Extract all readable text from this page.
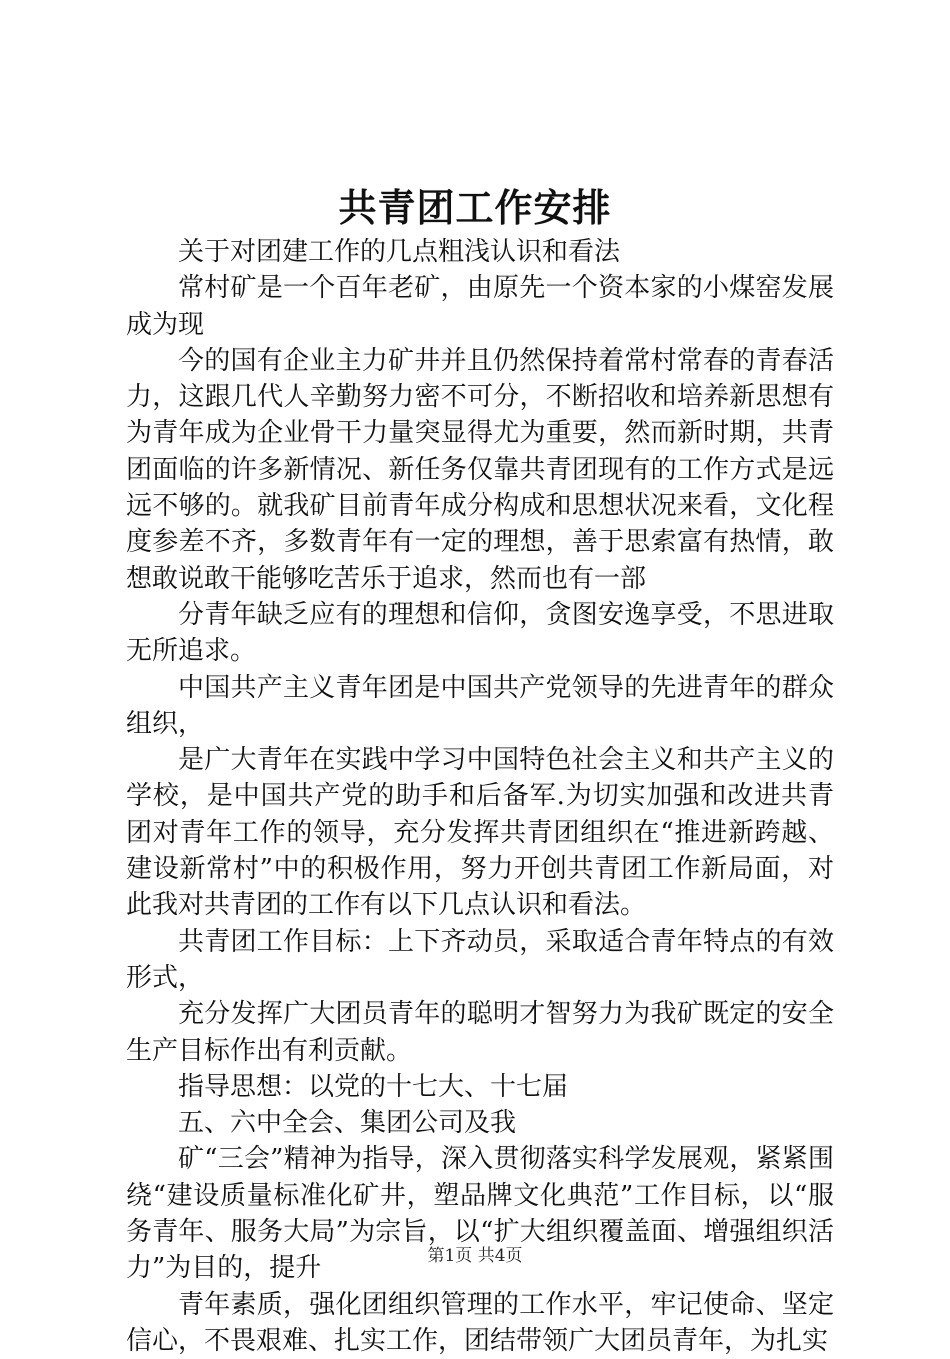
共青团工作安排

关于对团建工作的几点粗浅认识和看法

常村矿是一个百年老矿，由原先一个资本家的小煤窑发展成为现

今的国有企业主力矿井并且仍然保持着常村常春的青春活力，这跟几代人辛勤努力密不可分，不断招收和培养新思想有为青年成为企业骨干力量突显得尤为重要，然而新时期，共青团面临的许多新情况、新任务仅靠共青团现有的工作方式是远远不够的。就我矿目前青年成分构成和思想状况来看，文化程度参差不齐，多数青年有一定的理想，善于思索富有热情，敢想敢说敢干能够吃苦乐于追求，然而也有一部

分青年缺乏应有的理想和信仰，贪图安逸享受，不思进取无所追求。

中国共产主义青年团是中国共产党领导的先进青年的群众组织，

是广大青年在实践中学习中国特色社会主义和共产主义的学校，是中国共产党的助手和后备军.为切实加强和改进共青团对青年工作的领导，充分发挥共青团组织在“推进新跨越、建设新常村”中的积极作用，努力开创共青团工作新局面，对此我对共青团的工作有以下几点认识和看法。

共青团工作目标：上下齐动员，采取适合青年特点的有效形式，

充分发挥广大团员青年的聪明才智努力为我矿既定的安全生产目标作出有利贡献。

指导思想：以党的十七大、十七届

五、六中全会、集团公司及我

矿“三会”精神为指导，深入贯彻落实科学发展观，紧紧围绕“建设质量标准化矿井，塑品牌文化典范”工作目标，以“服务青年、服务大局”为宗旨，以“扩大组织覆盖面、增强组织活力”为目的，提升

青年素质，强化团组织管理的工作水平，牢记使命、坚定信心，不畏艰难、扎实工作，团结带领广大团员青年，为扎实

第1页 共4页
